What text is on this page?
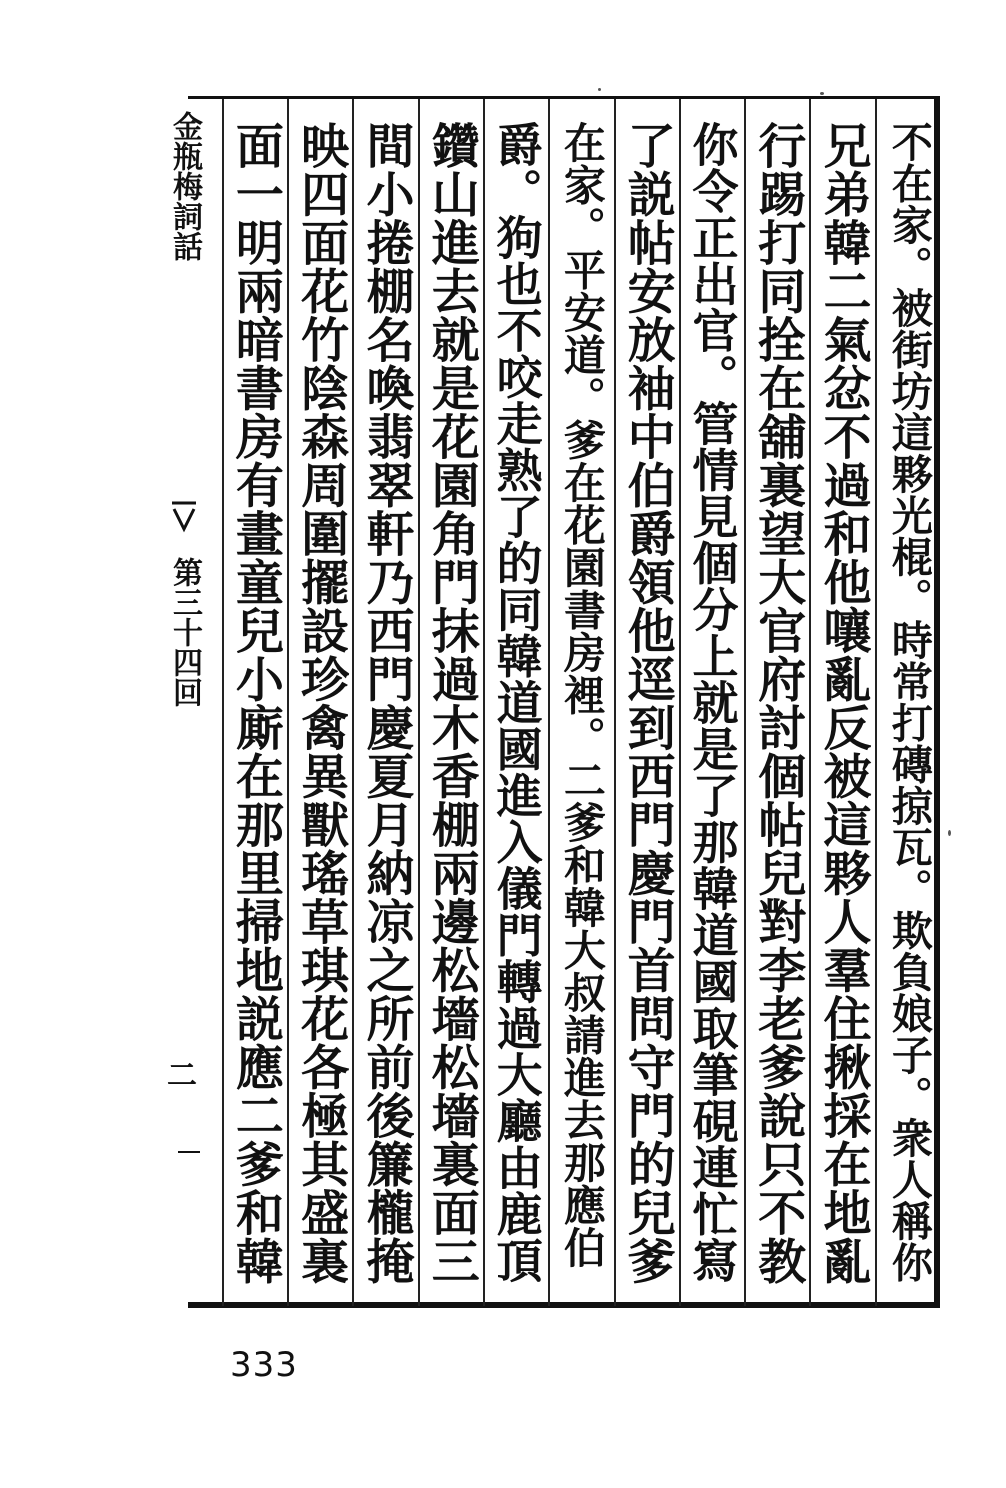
不在家。被街坊這夥光棍。時常打磚掠瓦。欺負娘子。衆人稱你
兄弟韓二氣忿不過和他嚷亂反被這夥人羣住揪採在地亂
行踢打同拴在舖裏望大官府討個帖兒對李老爹說只不教
你令正出官。管情見個分上就是了那韓道國取筆硯連忙寫
了説帖安放袖中伯爵領他逕到西門慶門首問守門的兒爹
在家。平安道。爹在花園書房裡。二爹和韓大叔請進去那應伯
爵。狗也不咬走熟了的同韓道國進入儀門轉過大廳由鹿頂
鑽山進去就是花園角門抹過木香棚兩邊松墻松墻裏面三
間小捲棚名喚翡翠軒乃西門慶夏月納凉之所前後簾櫳掩
映四面花竹陰森周圍擺設珍禽異獸瑤草琪花各極其盛裏
面一明兩暗書房有畫童兒小廝在那里掃地説應二爹和韓
金瓶梅詞話
第三十四回
二
333
